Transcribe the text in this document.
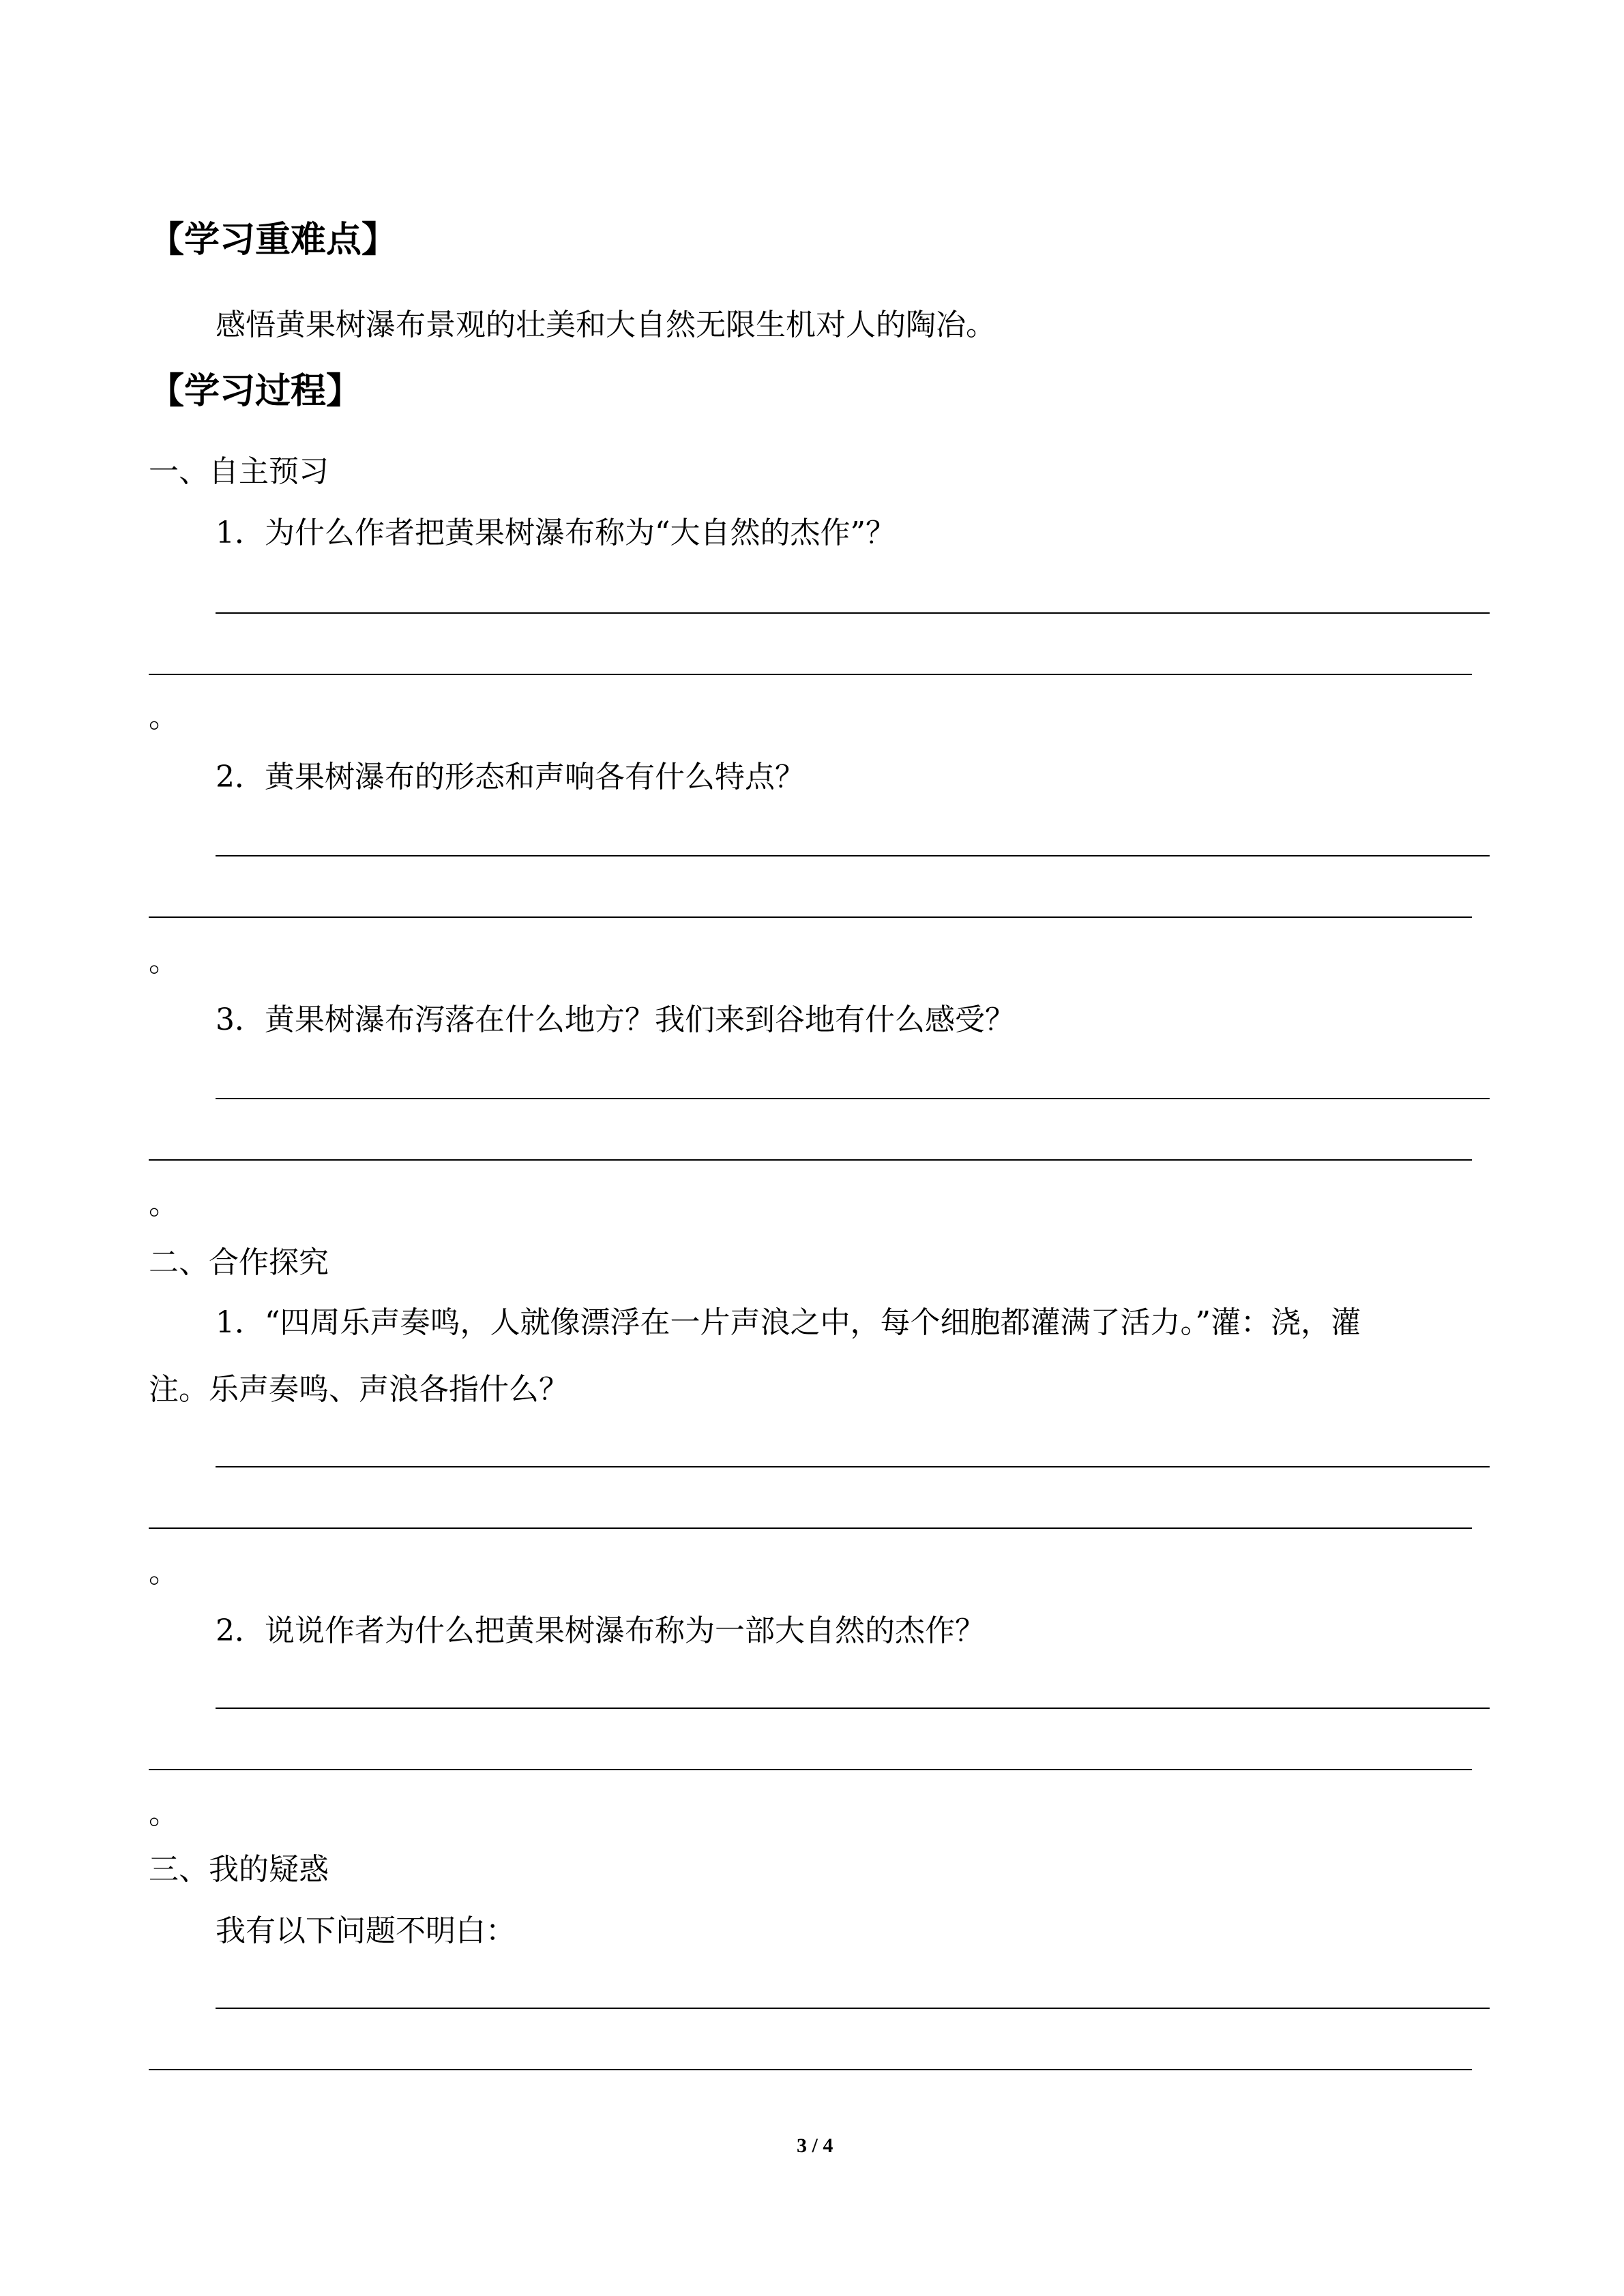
【学习重难点】
感悟黄果树瀑布景观的壮美和大自然无限生机对人的陶冶。
【学习过程】
一、自主预习
1．为什么作者把黄果树瀑布称为“大自然的杰作”？
。
2．黄果树瀑布的形态和声响各有什么特点？
。
3．黄果树瀑布泻落在什么地方？我们来到谷地有什么感受？
。
二、合作探究
1．“四周乐声奏鸣，人就像漂浮在一片声浪之中，每个细胞都灌满了活力。”灌：浇，灌
注。乐声奏鸣、声浪各指什么？
。
2．说说作者为什么把黄果树瀑布称为一部大自然的杰作？
。
三、我的疑惑
我有以下问题不明白：
3 / 4
